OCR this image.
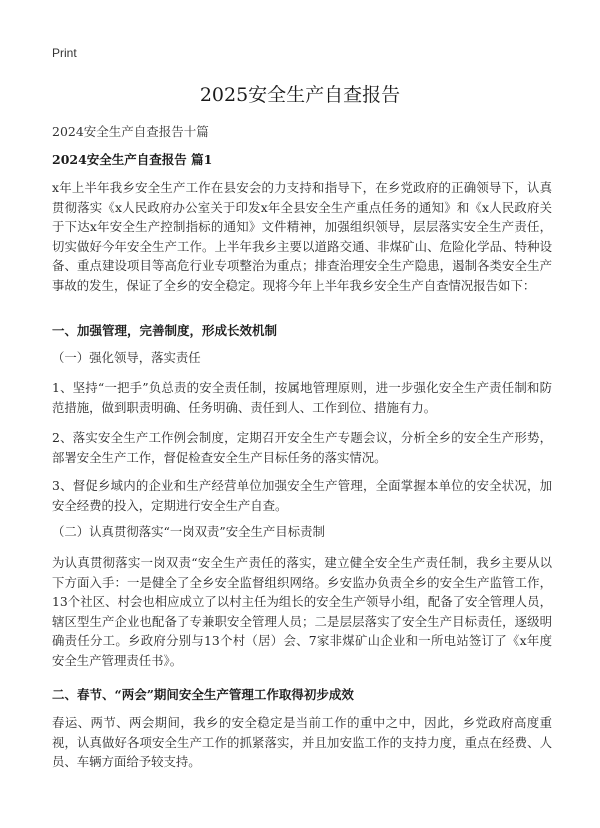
Print
2025安全生产自查报告
2024安全生产自查报告十篇
2024安全生产自查报告 篇1
x年上半年我乡安全生产工作在县安会的力支持和指导下，在乡党政府的正确领导下，认真贯彻落实《x人民政府办公室关于印发x年全县安全生产重点任务的通知》和《x人民政府关于下达x年安全生产控制指标的通知》文件精神，加强组织领导，层层落实安全生产责任，切实做好今年安全生产工作。上半年我乡主要以道路交通、非煤矿山、危险化学品、特种设备、重点建设项目等高危行业专项整治为重点；排查治理安全生产隐患，遏制各类安全生产事故的发生，保证了全乡的安全稳定。现将今年上半年我乡安全生产自查情况报告如下：
一、加强管理，完善制度，形成长效机制
（一）强化领导，落实责任
1、坚持“一把手”负总责的安全责任制，按属地管理原则，进一步强化安全生产责任制和防范措施，做到职责明确、任务明确、责任到人、工作到位、措施有力。
2、落实安全生产工作例会制度，定期召开安全生产专题会议，分析全乡的安全生产形势，部署安全生产工作，督促检查安全生产目标任务的落实情况。
3、督促乡域内的企业和生产经营单位加强安全生产管理，全面掌握本单位的安全状况，加安全经费的投入，定期进行安全生产自查。
（二）认真贯彻落实“一岗双责”安全生产目标责制
为认真贯彻落实一岗双责“安全生产责任的落实，建立健全安全生产责任制，我乡主要从以下方面入手：一是健全了全乡安全监督组织网络。乡安监办负责全乡的安全生产监管工作，13个社区、村会也相应成立了以村主任为组长的安全生产领导小组，配备了安全管理人员，辖区型生产企业也配备了专兼职安全管理人员；二是层层落实了安全生产目标责任，逐级明确责任分工。乡政府分别与13个村（居）会、7家非煤矿山企业和一所电站签订了《x年度安全生产管理责任书》。
二、春节、“两会”期间安全生产管理工作取得初步成效
春运、两节、两会期间，我乡的安全稳定是当前工作的重中之中，因此，乡党政府高度重视，认真做好各项安全生产工作的抓紧落实，并且加安监工作的支持力度，重点在经费、人员、车辆方面给予较支持。
